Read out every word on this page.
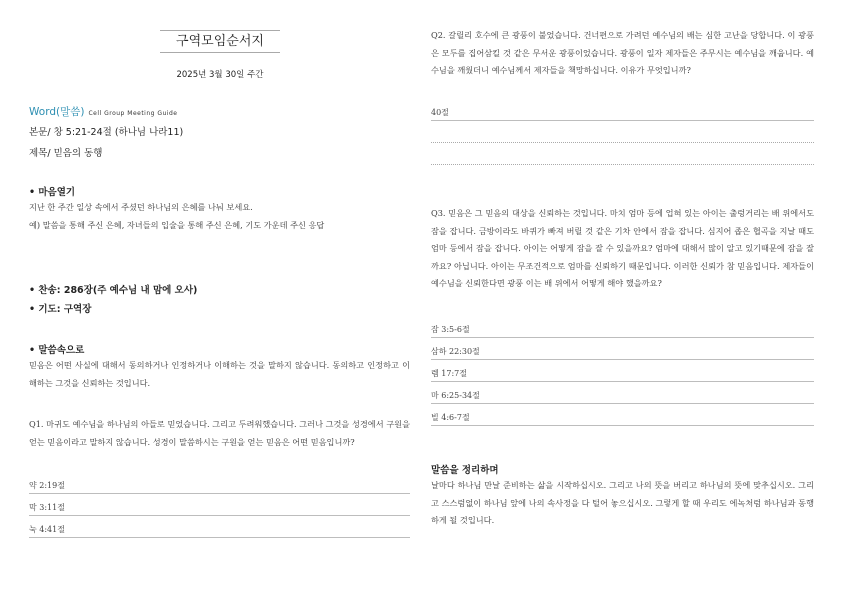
구역모임순서지
2025년 3월 30일 주간
Word(말씀) Cell Group Meeting Guide
본문/ 창 5:21-24절 (하나님 나라11)
제목/ 믿음의 동행
• 마음열기
지난 한 주간 일상 속에서 주셨던 하나님의 은혜를 나눠 보세요.
예) 말씀을 통해 주신 은혜, 자녀들의 입술을 통해 주신 은혜, 기도 가운데 주신 응답
• 찬송: 286장(주 예수님 내 맘에 오사)
• 기도: 구역장
• 말씀속으로
믿음은 어떤 사실에 대해서 동의하거나 인정하거나 이해하는 것을 말하지 않습니다. 동의하고 인정하고 이해하는 그것을 신뢰하는 것입니다.
Q1. 마귀도 예수님을 하나님의 아들로 믿었습니다. 그리고 두려워했습니다. 그러나 그것을 성경에서 구원을 얻는 믿음이라고 말하지 않습니다. 성경이 말씀하시는 구원을 얻는 믿음은 어떤 믿음입니까?
약 2:19절
막 3:11절
눅 4:41절
Q2. 갈릴리 호수에 큰 광풍이 불었습니다. 건너편으로 가려던 예수님의 배는 심한 고난을 당합니다. 이 광풍은 모두를 집어삼킬 것 같은 무서운 광풍이었습니다. 광풍이 일자 제자들은 주무시는 예수님을 깨웁니다. 예수님을 깨웠더니 예수님께서 제자들을 책망하십니다. 이유가 무엇입니까?
40절
Q3. 믿음은 그 믿음의 대상을 신뢰하는 것입니다. 마치 엄마 등에 업혀 있는 아이는 출렁거리는 배 위에서도 잠을 잡니다. 금방이라도 바퀴가 빠져 버릴 것 같은 기차 안에서 잠을 잡니다. 심지어 좁은 협곡을 지날 때도 엄마 등에서 잠을 잡니다. 아이는 어떻게 잠을 잘 수 있을까요? 엄마에 대해서 많이 알고 있기때문에 잠을 잘까요? 아닙니다. 아이는 무조건적으로 엄마를 신뢰하기 때문입니다. 이러한 신뢰가 참 믿음입니다. 제자들이 예수님을 신뢰한다면 광풍 이는 배 위에서 어떻게 해야 했을까요?
잠 3:5-6절
삼하 22:30절
렘 17:7절
마 6:25-34절
빌 4:6-7절
말씀을 정리하며
날마다 하나님 만날 준비하는 삶을 시작하십시오. 그리고 나의 뜻을 버리고 하나님의 뜻에 맞추십시오. 그리고 스스럼없이 하나님 앞에 나의 속사정을 다 털어 놓으십시오. 그렇게 할 때 우리도 에녹처럼 하나님과 동행하게 될 것입니다.
